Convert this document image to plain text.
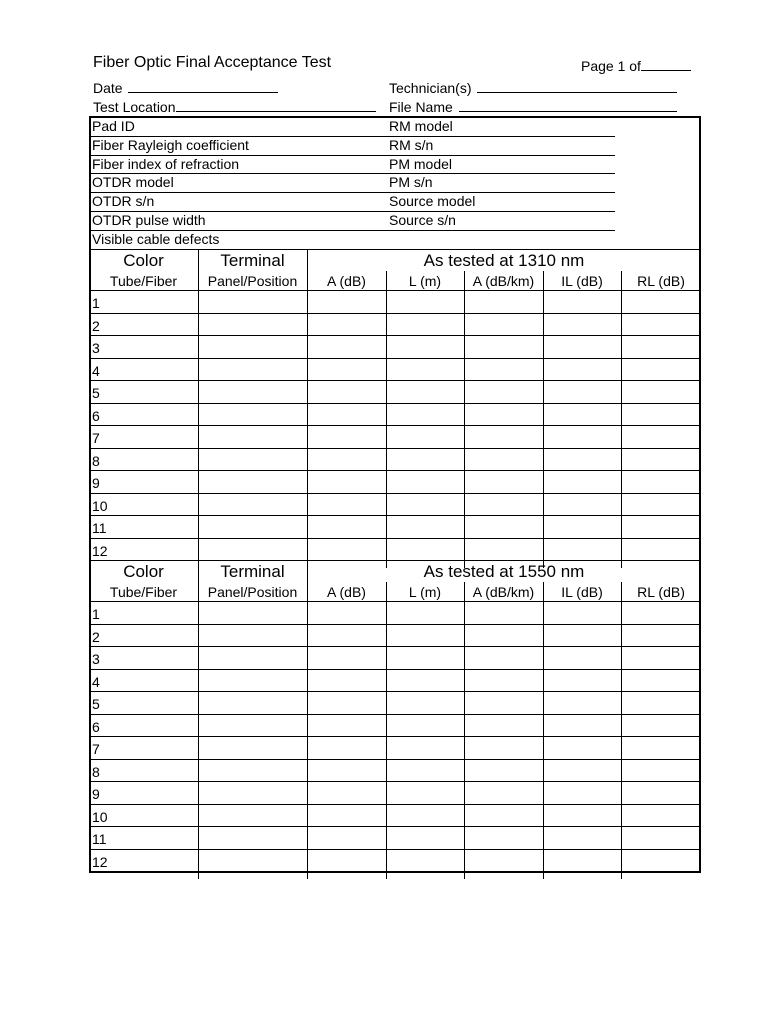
Fiber Optic Final Acceptance Test	Page 1 of
Date	Technician(s)
Test Location	File Name
Pad ID	RM model
Fiber Rayleigh coefficient	RM s/n
Fiber index of refraction	PM model
OTDR model	PM s/n
OTDR s/n	Source model
OTDR pulse width	Source s/n
Visible cable defects
Color	Terminal	As tested at 1310 nm
Tube/Fiber	Panel/Position	A (dB)	L (m)	A (dB/km)	IL (dB)	RL (dB)
1
2
3
4
5
6
7
8
9
10
11
12
Color	Terminal	As tested at 1550 nm
Tube/Fiber	Panel/Position	A (dB)	L (m)	A (dB/km)	IL (dB)	RL (dB)
1
2
3
4
5
6
7
8
9
10
11
12
